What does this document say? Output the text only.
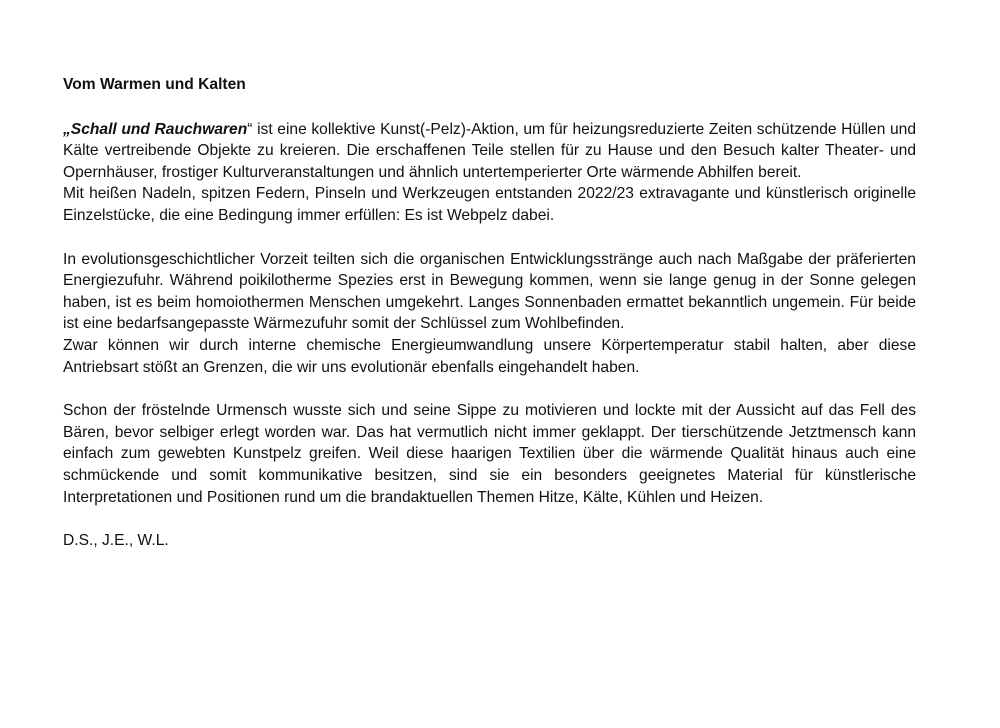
Vom Warmen und Kalten

„Schall und Rauchwaren“ ist eine kollektive Kunst(-Pelz)-Aktion, um für heizungsreduzierte Zeiten schützende Hüllen und Kälte vertreibende Objekte zu kreieren. Die erschaffenen Teile stellen für zu Hause und den Besuch kalter Theater- und Opernhäuser, frostiger Kulturveranstaltungen und ähnlich untertemperierter Orte wärmende Abhilfen bereit.

Mit heißen Nadeln, spitzen Federn, Pinseln und Werkzeugen entstanden 2022/23 extravagante und künstlerisch originelle Einzelstücke, die eine Bedingung immer erfüllen: Es ist Webpelz dabei.

In evolutionsgeschichtlicher Vorzeit teilten sich die organischen Entwicklungsstränge auch nach Maßgabe der präferierten Energiezufuhr. Während poikilotherme Spezies erst in Bewegung kommen, wenn sie lange genug in der Sonne gelegen haben, ist es beim homoiothermen Menschen umgekehrt. Langes Sonnenbaden ermattet bekanntlich ungemein. Für beide ist eine bedarfsangepasste Wärmezufuhr somit der Schlüssel zum Wohlbefinden.

Zwar können wir durch interne chemische Energieumwandlung unsere Körpertemperatur stabil halten, aber diese Antriebsart stößt an Grenzen, die wir uns evolutionär ebenfalls eingehandelt haben.

Schon der fröstelnde Urmensch wusste sich und seine Sippe zu motivieren und lockte mit der Aussicht auf das Fell des Bären, bevor selbiger erlegt worden war. Das hat vermutlich nicht immer geklappt. Der tierschützende Jetztmensch kann einfach zum gewebten Kunstpelz greifen. Weil diese haarigen Textilien über die wärmende Qualität hinaus auch eine schmückende und somit kommunikative besitzen, sind sie ein besonders geeignetes Material für künstlerische Interpretationen und Positionen rund um die brandaktuellen Themen Hitze, Kälte, Kühlen und Heizen.

D.S., J.E., W.L.
